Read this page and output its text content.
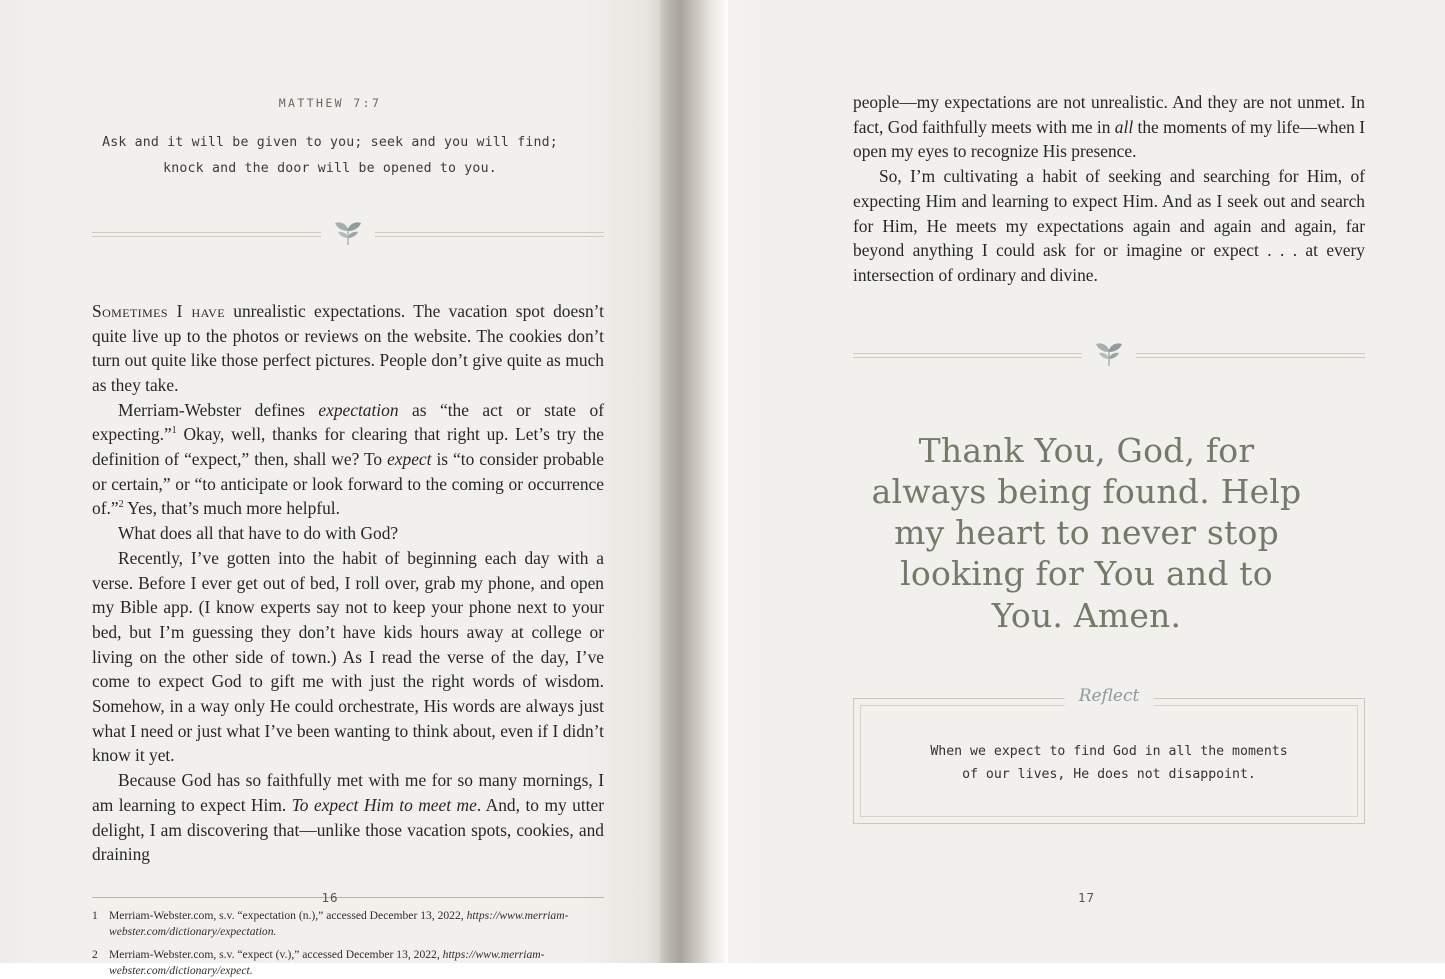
MATTHEW 7:7
Ask and it will be given to you; seek and you will find;
knock and the door will be opened to you.

Sometimes I have unrealistic expectations. The vacation spot doesn’t quite live up to the photos or reviews on the website. The cookies don’t turn out quite like those perfect pictures. People don’t give quite as much as they take.

Merriam-Webster defines expectation as “the act or state of expecting.”$^1$ Okay, well, thanks for clearing that right up. Let’s try the definition of “expect,” then, shall we? To expect is “to consider probable or certain,” or “to anticipate or look forward to the coming or occurrence of.”$^2$ Yes, that’s much more helpful.

What does all that have to do with God?

Recently, I’ve gotten into the habit of beginning each day with a verse. Before I ever get out of bed, I roll over, grab my phone, and open my Bible app. (I know experts say not to keep your phone next to your bed, but I’m guessing they don’t have kids hours away at college or living on the other side of town.) As I read the verse of the day, I’ve come to expect God to gift me with just the right words of wisdom. Somehow, in a way only He could orchestrate, His words are always just what I need or just what I’ve been wanting to think about, even if I didn’t know it yet.

Because God has so faithfully met with me for so many mornings, I am learning to expect Him. To expect Him to meet me. And, to my utter delight, I am discovering that—unlike those vacation spots, cookies, and draining

1 Merriam-Webster.com, s.v. “expectation (n.),” accessed December 13, 2022, https://www.merriam-webster.com/dictionary/expectation.
2 Merriam-Webster.com, s.v. “expect (v.),” accessed December 13, 2022, https://www.merriam-webster.com/dictionary/expect.
16

people—my expectations are not unrealistic. And they are not unmet. In fact, God faithfully meets with me in all the moments of my life—when I open my eyes to recognize His presence.

So, I’m cultivating a habit of seeking and searching for Him, of expecting Him and learning to expect Him. And as I seek out and search for Him, He meets my expectations again and again and again, far beyond anything I could ask for or imagine or expect . . . at every intersection of ordinary and divine.

Thank You, God, for always being found. Help my heart to never stop looking for You and to You. Amen.
Reflect
When we expect to find God in all the moments
of our lives, He does not disappoint.
17
